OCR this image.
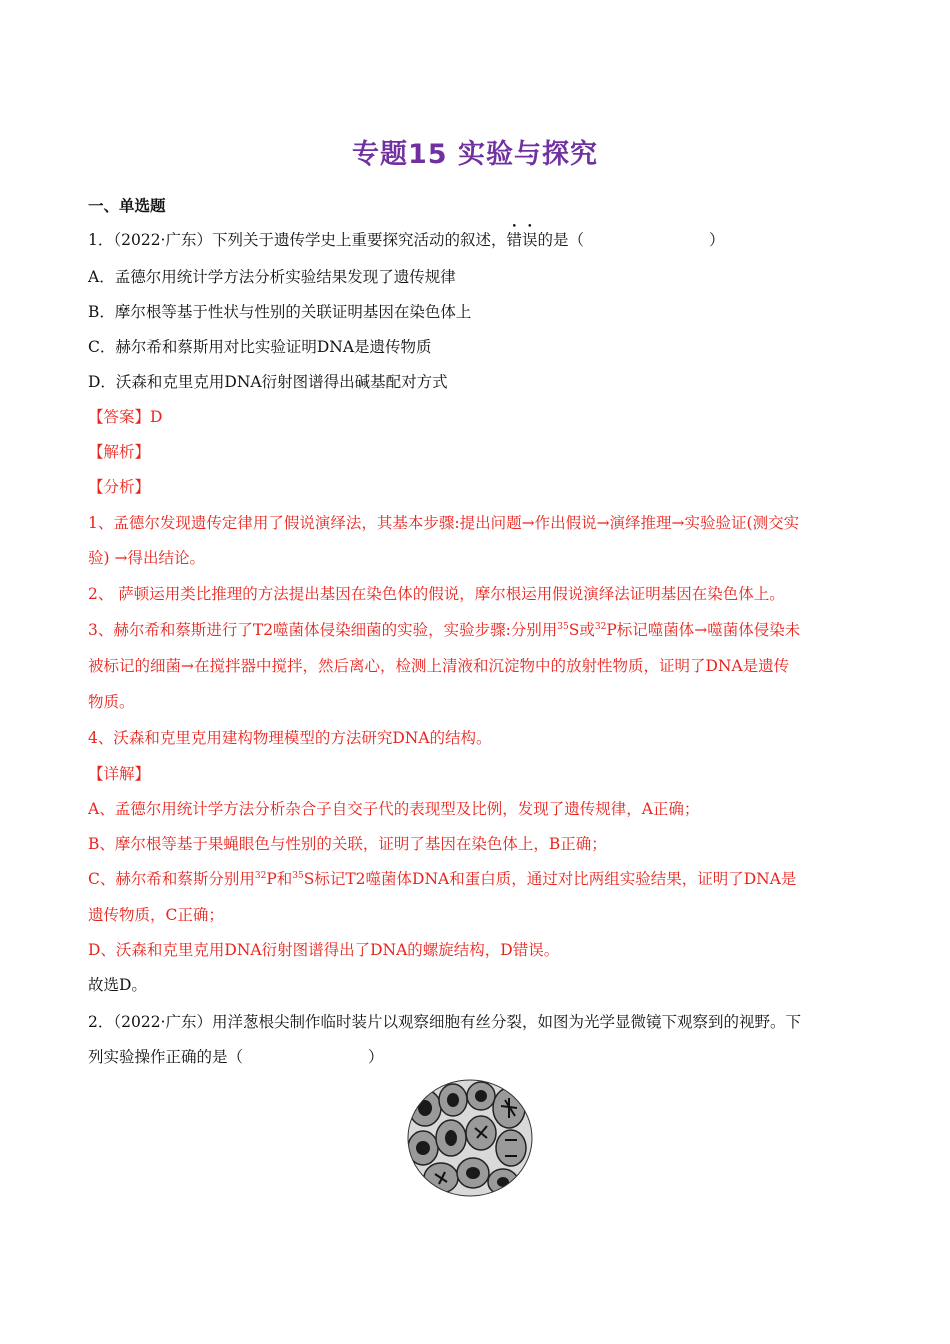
专题15 实验与探究
一、单选题
1．（2022·广东）下列关于遗传学史上重要探究活动的叙述，错误的是（	）
A．孟德尔用统计学方法分析实验结果发现了遗传规律
B．摩尔根等基于性状与性别的关联证明基因在染色体上
C．赫尔希和蔡斯用对比实验证明DNA是遗传物质
D．沃森和克里克用DNA衍射图谱得出碱基配对方式
【答案】D
【解析】
【分析】
1、孟德尔发现遗传定律用了假说演绎法，其基本步骤:提出问题→作出假说→演绎推理→实验验证(测交实
验) →得出结论。
2、 萨顿运用类比推理的方法提出基因在染色体的假说，摩尔根运用假说演绎法证明基因在染色体上。
3、赫尔希和蔡斯进行了T2噬菌体侵染细菌的实验，实验步骤:分别用$^{35}$S或$^{32}$P标记噬菌体→噬菌体侵染未
被标记的细菌→在搅拌器中搅拌，然后离心，检测上清液和沉淀物中的放射性物质，证明了DNA是遗传
物质。
4、沃森和克里克用建构物理模型的方法研究DNA的结构。
【详解】
A、孟德尔用统计学方法分析杂合子自交子代的表现型及比例，发现了遗传规律，A正确；
B、摩尔根等基于果蝇眼色与性别的关联，证明了基因在染色体上，B正确；
C、赫尔希和蔡斯分别用$^{32}$P和$^{35}$S标记T2噬菌体DNA和蛋白质，通过对比两组实验结果，证明了DNA是
遗传物质，C正确；
D、沃森和克里克用DNA衍射图谱得出了DNA的螺旋结构，D错误。
故选D。
2．（2022·广东）用洋葱根尖制作临时装片以观察细胞有丝分裂，如图为光学显微镜下观察到的视野。下
列实验操作正确的是（	）
